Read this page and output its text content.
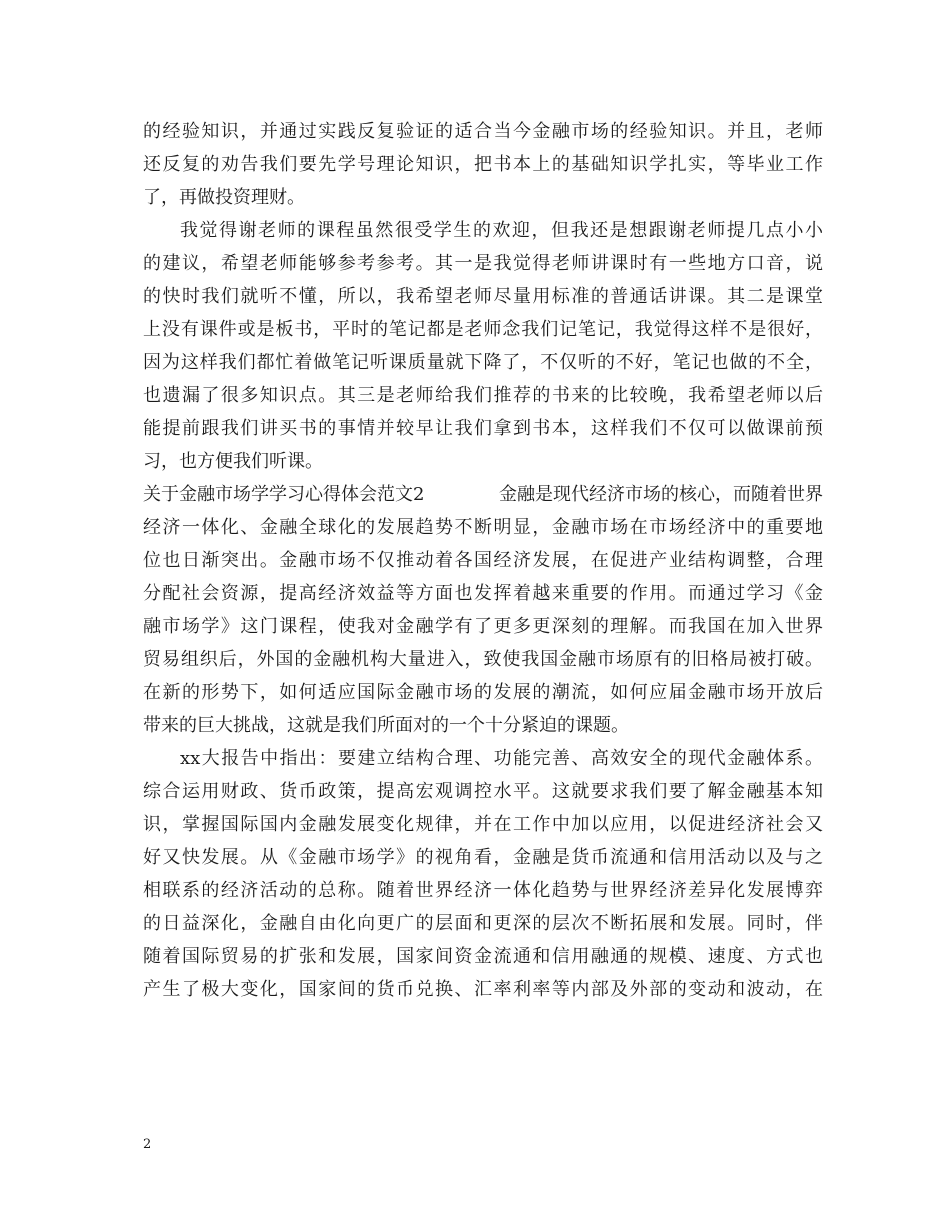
的经验知识，并通过实践反复验证的适合当今金融市场的经验知识。并且，老师
还反复的劝告我们要先学号理论知识，把书本上的基础知识学扎实，等毕业工作
了，再做投资理财。
我觉得谢老师的课程虽然很受学生的欢迎，但我还是想跟谢老师提几点小小
的建议，希望老师能够参考参考。其一是我觉得老师讲课时有一些地方口音，说
的快时我们就听不懂，所以，我希望老师尽量用标准的普通话讲课。其二是课堂
上没有课件或是板书，平时的笔记都是老师念我们记笔记，我觉得这样不是很好，
因为这样我们都忙着做笔记听课质量就下降了，不仅听的不好，笔记也做的不全，
也遗漏了很多知识点。其三是老师给我们推荐的书来的比较晚，我希望老师以后
能提前跟我们讲买书的事情并较早让我们拿到书本，这样我们不仅可以做课前预
习，也方便我们听课。
关于金融市场学学习心得体会范文2	金融是现代经济市场的核心，而随着世界
经济一体化、金融全球化的发展趋势不断明显，金融市场在市场经济中的重要地
位也日渐突出。金融市场不仅推动着各国经济发展，在促进产业结构调整，合理
分配社会资源，提高经济效益等方面也发挥着越来重要的作用。而通过学习《金
融市场学》这门课程，使我对金融学有了更多更深刻的理解。而我国在加入世界
贸易组织后，外国的金融机构大量进入，致使我国金融市场原有的旧格局被打破。
在新的形势下，如何适应国际金融市场的发展的潮流，如何应届金融市场开放后
带来的巨大挑战，这就是我们所面对的一个十分紧迫的课题。
xx大报告中指出：要建立结构合理、功能完善、高效安全的现代金融体系。
综合运用财政、货币政策，提高宏观调控水平。这就要求我们要了解金融基本知
识，掌握国际国内金融发展变化规律，并在工作中加以应用，以促进经济社会又
好又快发展。从《金融市场学》的视角看，金融是货币流通和信用活动以及与之
相联系的经济活动的总称。随着世界经济一体化趋势与世界经济差异化发展博弈
的日益深化，金融自由化向更广的层面和更深的层次不断拓展和发展。同时，伴
随着国际贸易的扩张和发展，国家间资金流通和信用融通的规模、速度、方式也
产生了极大变化，国家间的货币兑换、汇率利率等内部及外部的变动和波动，在
2
